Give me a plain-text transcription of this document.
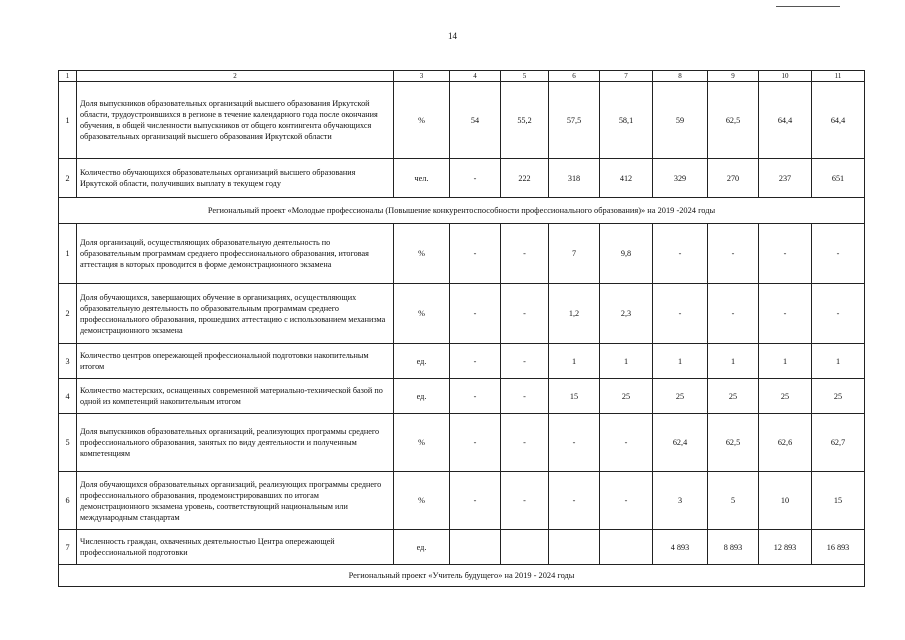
14
1	2	3	4	5	6	7	8	9	10	11
1	Доля выпускников образовательных организаций высшего образования Иркутской области, трудоустроившихся в регионе в течение календарного года после окончания обучения, в общей численности выпускников от общего контингента обучающихся образовательных организаций высшего образования Иркутской области	%	54	55,2	57,5	58,1	59	62,5	64,4	64,4
2	Количество обучающихся образовательных организаций высшего образования Иркутской области, получивших выплату в текущем году	чел.	-	222	318	412	329	270	237	651
Региональный проект «Молодые профессионалы (Повышение конкурентоспособности профессионального образования)» на 2019 -2024 годы										
1	Доля организаций, осуществляющих образовательную деятельность по образовательным программам среднего профессионального образования, итоговая аттестация в которых проводится в форме демонстрационного экзамена	%	-	-	7	9,8	-	-	-	-
2	Доля обучающихся, завершающих обучение в организациях, осуществляющих образовательную деятельность по образовательным программам среднего профессионального образования, прошедших аттестацию с использованием механизма демонстрационного экзамена	%	-	-	1,2	2,3	-	-	-	-
3	Количество центров опережающей профессиональной подготовки накопительным итогом	ед.	-	-	1	1	1	1	1	1
4	Количество мастерских, оснащенных современной материально-технической базой по одной из компетенций накопительным итогом	ед.	-	-	15	25	25	25	25	25
5	Доля выпускников образовательных организаций, реализующих программы среднего профессионального образования, занятых по виду деятельности и полученным компетенциям	%	-	-	-	-	62,4	62,5	62,6	62,7
6	Доля обучающихся образовательных организаций, реализующих программы среднего профессионального образования, продемонстрировавших по итогам демонстрационного экзамена уровень, соответствующий национальным или международным стандартам	%	-	-	-	-	3	5	10	15
7	Численность граждан, охваченных деятельностью Центра опережающей профессиональной подготовки	ед.					4 893	8 893	12 893	16 893
Региональный проект «Учитель будущего» на 2019 - 2024 годы										
